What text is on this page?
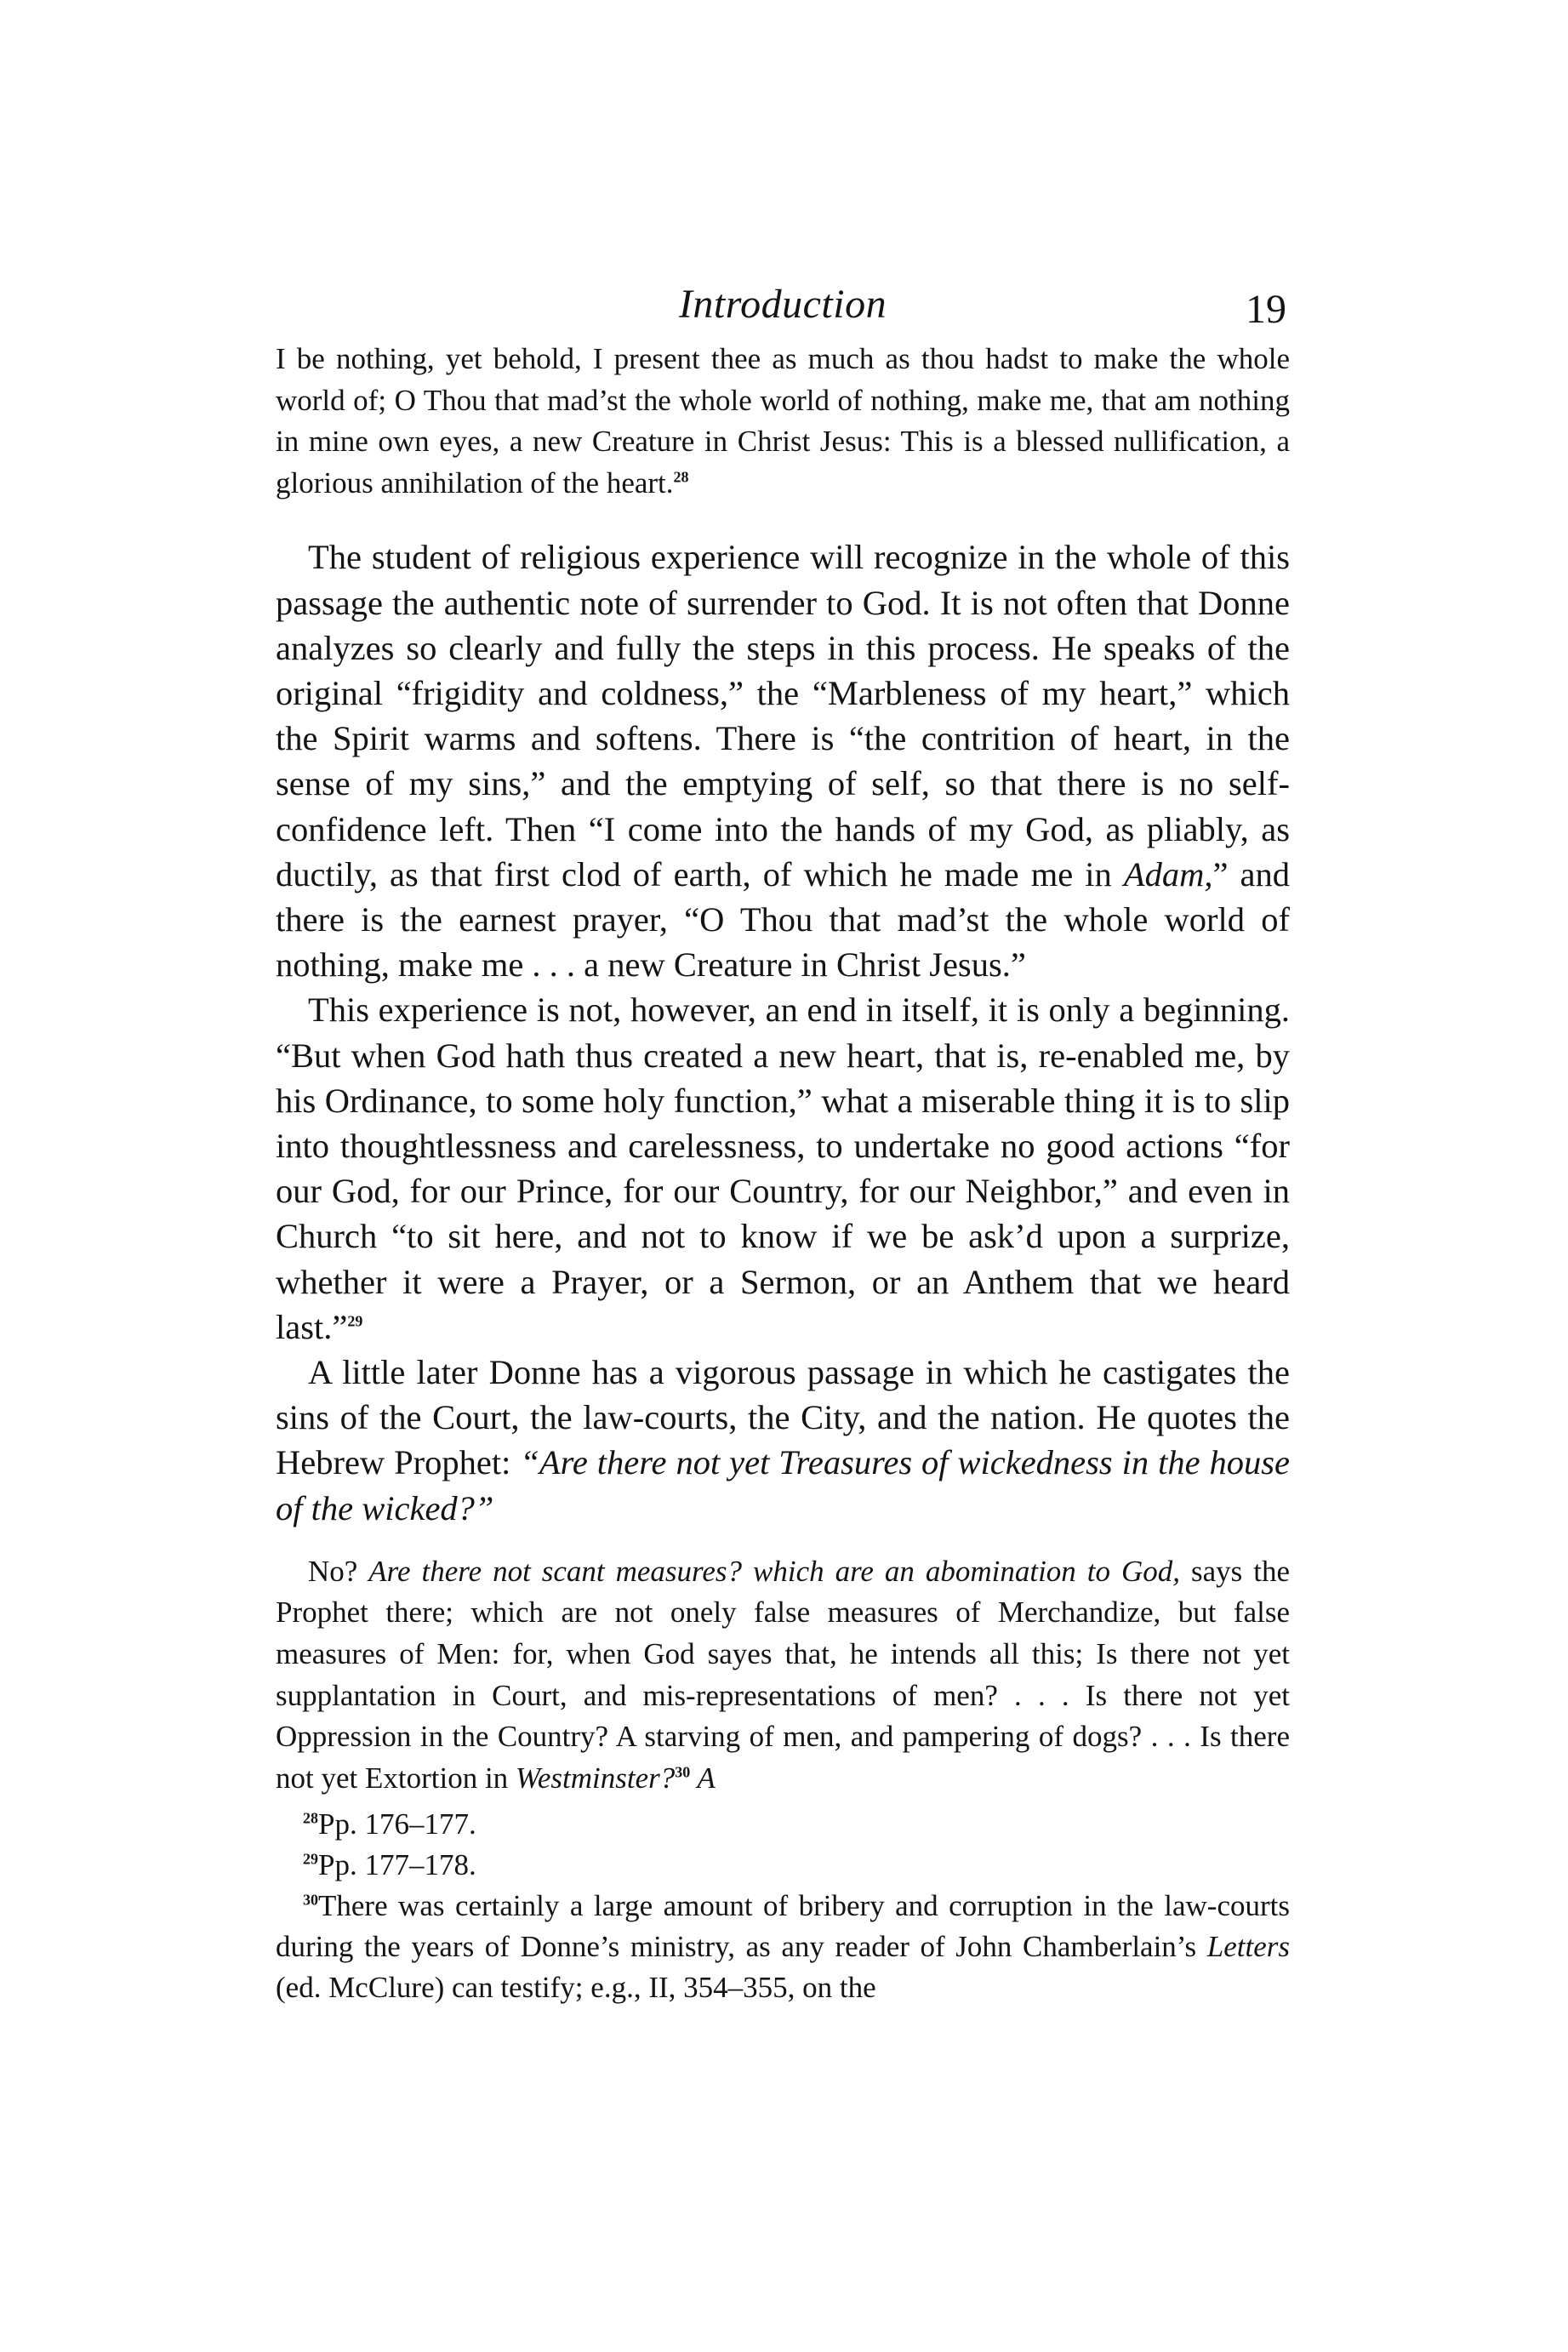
Introduction	19

I be nothing, yet behold, I present thee as much as thou hadst to make the whole world of; O Thou that mad’st the whole world of nothing, make me, that am nothing in mine own eyes, a new Creature in Christ Jesus: This is a blessed nullification, a glorious annihilation of the heart.$^{28}$

The student of religious experience will recognize in the whole of this passage the authentic note of surrender to God. It is not often that Donne analyzes so clearly and fully the steps in this process. He speaks of the original “frigidity and coldness,” the “Marbleness of my heart,” which the Spirit warms and softens. There is “the contrition of heart, in the sense of my sins,” and the emptying of self, so that there is no self-confidence left. Then “I come into the hands of my God, as pliably, as ductily, as that first clod of earth, of which he made me in Adam,” and there is the earnest prayer, “O Thou that mad’st the whole world of nothing, make me . . . a new Creature in Christ Jesus.”

This experience is not, however, an end in itself, it is only a beginning. “But when God hath thus created a new heart, that is, re-enabled me, by his Ordinance, to some holy function,” what a miserable thing it is to slip into thoughtlessness and carelessness, to undertake no good actions “for our God, for our Prince, for our Country, for our Neighbor,” and even in Church “to sit here, and not to know if we be ask’d upon a surprize, whether it were a Prayer, or a Sermon, or an Anthem that we heard last.”$^{29}$

A little later Donne has a vigorous passage in which he castigates the sins of the Court, the law-courts, the City, and the nation. He quotes the Hebrew Prophet: “Are there not yet Treasures of wickedness in the house of the wicked?”

No? Are there not scant measures? which are an abomination to God, says the Prophet there; which are not onely false measures of Merchandize, but false measures of Men: for, when God sayes that, he intends all this; Is there not yet supplantation in Court, and mis-representations of men? . . . Is there not yet Oppression in the Country? A starving of men, and pampering of dogs? . . . Is there not yet Extortion in Westminster?$^{30}$ A

$^{28}$Pp. 176–177.
$^{29}$Pp. 177–178.

$^{30}$There was certainly a large amount of bribery and corruption in the law-courts during the years of Donne’s ministry, as any reader of John Chamberlain’s Letters (ed. McClure) can testify; e.g., II, 354–355, on the
